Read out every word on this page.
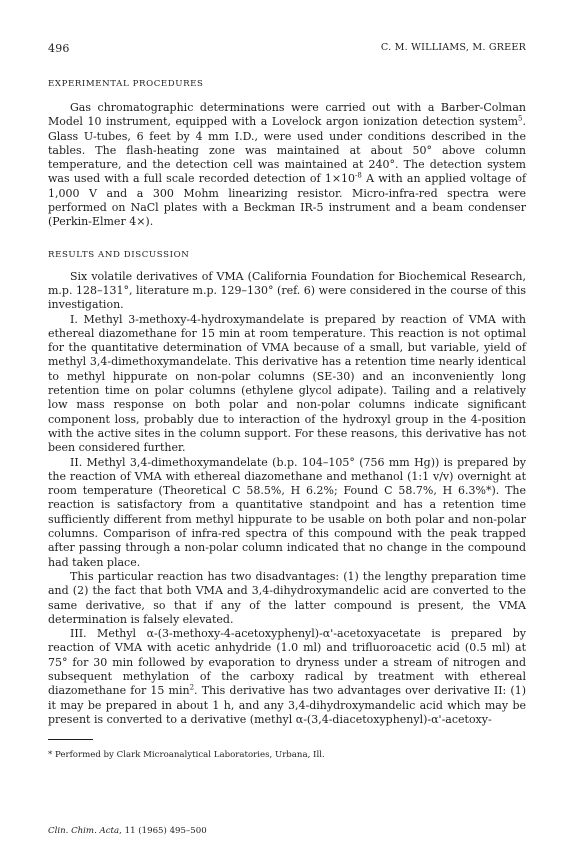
496	C. M. WILLIAMS, M. GREER
EXPERIMENTAL PROCEDURES

Gas chromatographic determinations were carried out with a Barber-Colman Model 10 instrument, equipped with a Lovelock argon ionization detection system$^5$. Glass U-tubes, 6 feet by 4 mm I.D., were used under conditions described in the tables. The flash-heating zone was maintained at about 50° above column temperature, and the detection cell was maintained at 240°. The detection system was used with a full scale recorded detection of $1\times 10^{-8}$ A with an applied voltage of 1,000 V and a 300 Mohm linearizing resistor. Micro-infra-red spectra were performed on NaCl plates with a Beckman IR-5 instrument and a beam condenser (Perkin-Elmer 4×).

RESULTS AND DISCUSSION

Six volatile derivatives of VMA (California Foundation for Biochemical Research, m.p. 128–131°, literature m.p. 129–130° (ref. 6) were considered in the course of this investigation.

I. Methyl 3-methoxy-4-hydroxymandelate is prepared by reaction of VMA with ethereal diazomethane for 15 min at room temperature. This reaction is not optimal for the quantitative determination of VMA because of a small, but variable, yield of methyl 3,4-dimethoxymandelate. This derivative has a retention time nearly identical to methyl hippurate on non-polar columns (SE-30) and an inconveniently long retention time on polar columns (ethylene glycol adipate). Tailing and a relatively low mass response on both polar and non-polar columns indicate significant component loss, probably due to interaction of the hydroxyl group in the 4-position with the active sites in the column support. For these reasons, this derivative has not been considered further.

II. Methyl 3,4-dimethoxymandelate (b.p. 104–105° (756 mm Hg)) is prepared by the reaction of VMA with ethereal diazomethane and methanol (1:1 v/v) overnight at room temperature (Theoretical C 58.5%, H 6.2%; Found C 58.7%, H 6.3%*). The reaction is satisfactory from a quantitative standpoint and has a retention time sufficiently different from methyl hippurate to be usable on both polar and non-polar columns. Comparison of infra-red spectra of this compound with the peak trapped after passing through a non-polar column indicated that no change in the compound had taken place.

This particular reaction has two disadvantages: (1) the lengthy preparation time and (2) the fact that both VMA and 3,4-dihydroxymandelic acid are converted to the same derivative, so that if any of the latter compound is present, the VMA determination is falsely elevated.

III. Methyl α-(3-methoxy-4-acetoxyphenyl)-α'-acetoxyacetate is prepared by reaction of VMA with acetic anhydride (1.0 ml) and trifluoroacetic acid (0.5 ml) at 75° for 30 min followed by evaporation to dryness under a stream of nitrogen and subsequent methylation of the carboxy radical by treatment with ethereal diazomethane for 15 $\min^2$. This derivative has two advantages over derivative II: (1) it may be prepared in about 1 h, and any 3,4-dihydroxymandelic acid which may be present is converted to a derivative (methyl α-(3,4-diacetoxyphenyl)-α'-acetoxy-

* Performed by Clark Microanalytical Laboratories, Urbana, Ill.
Clin. Chim. Acta, 11 (1965) 495–500
